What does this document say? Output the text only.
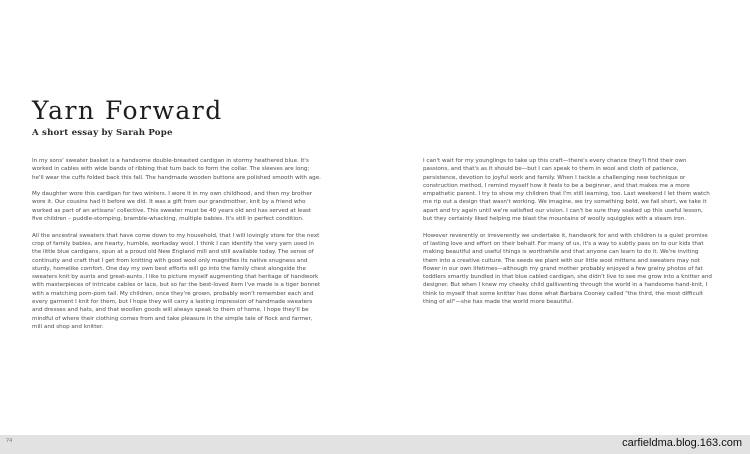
Yarn Forward

A short essay by Sarah Pope

In my sons' sweater basket is a handsome double-breasted cardigan in stormy heathered blue. It's worked in cables with wide bands of ribbing that turn back to form the collar. The sleeves are long; he'll wear the cuffs folded back this fall. The handmade wooden buttons are polished smooth with age.

My daughter wore this cardigan for two winters. I wore it in my own childhood, and then my brother wore it. Our cousins had it before we did. It was a gift from our grandmother, knit by a friend who worked as part of an artisans' collective. This sweater must be 40 years old and has served at least five children – puddle-stomping, bramble-whacking, multiple babies. It's still in perfect condition.

All the ancestral sweaters that have come down to my household, that I will lovingly store for the next crop of family babies, are hearty, humble, workaday wool. I think I can identify the very yarn used in the little blue cardigans, spun at a proud old New England mill and still available today. The sense of continuity and craft that I get from knitting with good wool only magnifies its native snugness and sturdy, homelike comfort. One day my own best efforts will go into the family chest alongside the sweaters knit by aunts and great-aunts. I like to picture myself augmenting that heritage of handwork with masterpieces of intricate cables or lace, but so far the best-loved item I've made is a tiger bonnet with a matching pom-pom tail. My children, once they're grown, probably won't remember each and every garment I knit for them, but I hope they will carry a lasting impression of handmade sweaters and dresses and hats, and that woollen goods will always speak to them of home. I hope they'll be mindful of where their clothing comes from and take pleasure in the simple tale of flock and farmer, mill and shop and knitter.

I can't wait for my younglings to take up this craft—there's every chance they'll find their own passions, and that's as it should be—but I can speak to them in wool and cloth of patience, persistence, devotion to joyful work and family. When I tackle a challenging new technique or construction method, I remind myself how it feels to be a beginner, and that makes me a more empathetic parent. I try to show my children that I'm still learning, too. Last weekend I let them watch me rip out a design that wasn't working. We imagine, we try something bold, we fail short, we take it apart and try again until we're satisfied our vision. I can't be sure they soaked up this useful lesson, but they certainly liked helping me blast the mountains of woolly squiggles with a steam iron.

However reverently or irreverently we undertake it, handwork for and with children is a quiet promise of lasting love and effort on their behalf. For many of us, it's a way to subtly pass on to our kids that making beautiful and useful things is worthwhile and that anyone can learn to do it. We're inviting them into a creative culture. The seeds we plant with our little wool mittens and sweaters may not flower in our own lifetimes—although my grand mother probably enjoyed a few grainy photos of fat toddlers smartly bundled in that blue cabled cardigan, she didn't live to see me grow into a knitter and designer. But when I knew my cheeky child gallivanting through the world in a handsome hand-knit, I think to myself that some knitter has done what Barbara Cooney called "the third, the most difficult thing of all"—she has made the world more beautiful.

74	carfieldma.blog.163.com
